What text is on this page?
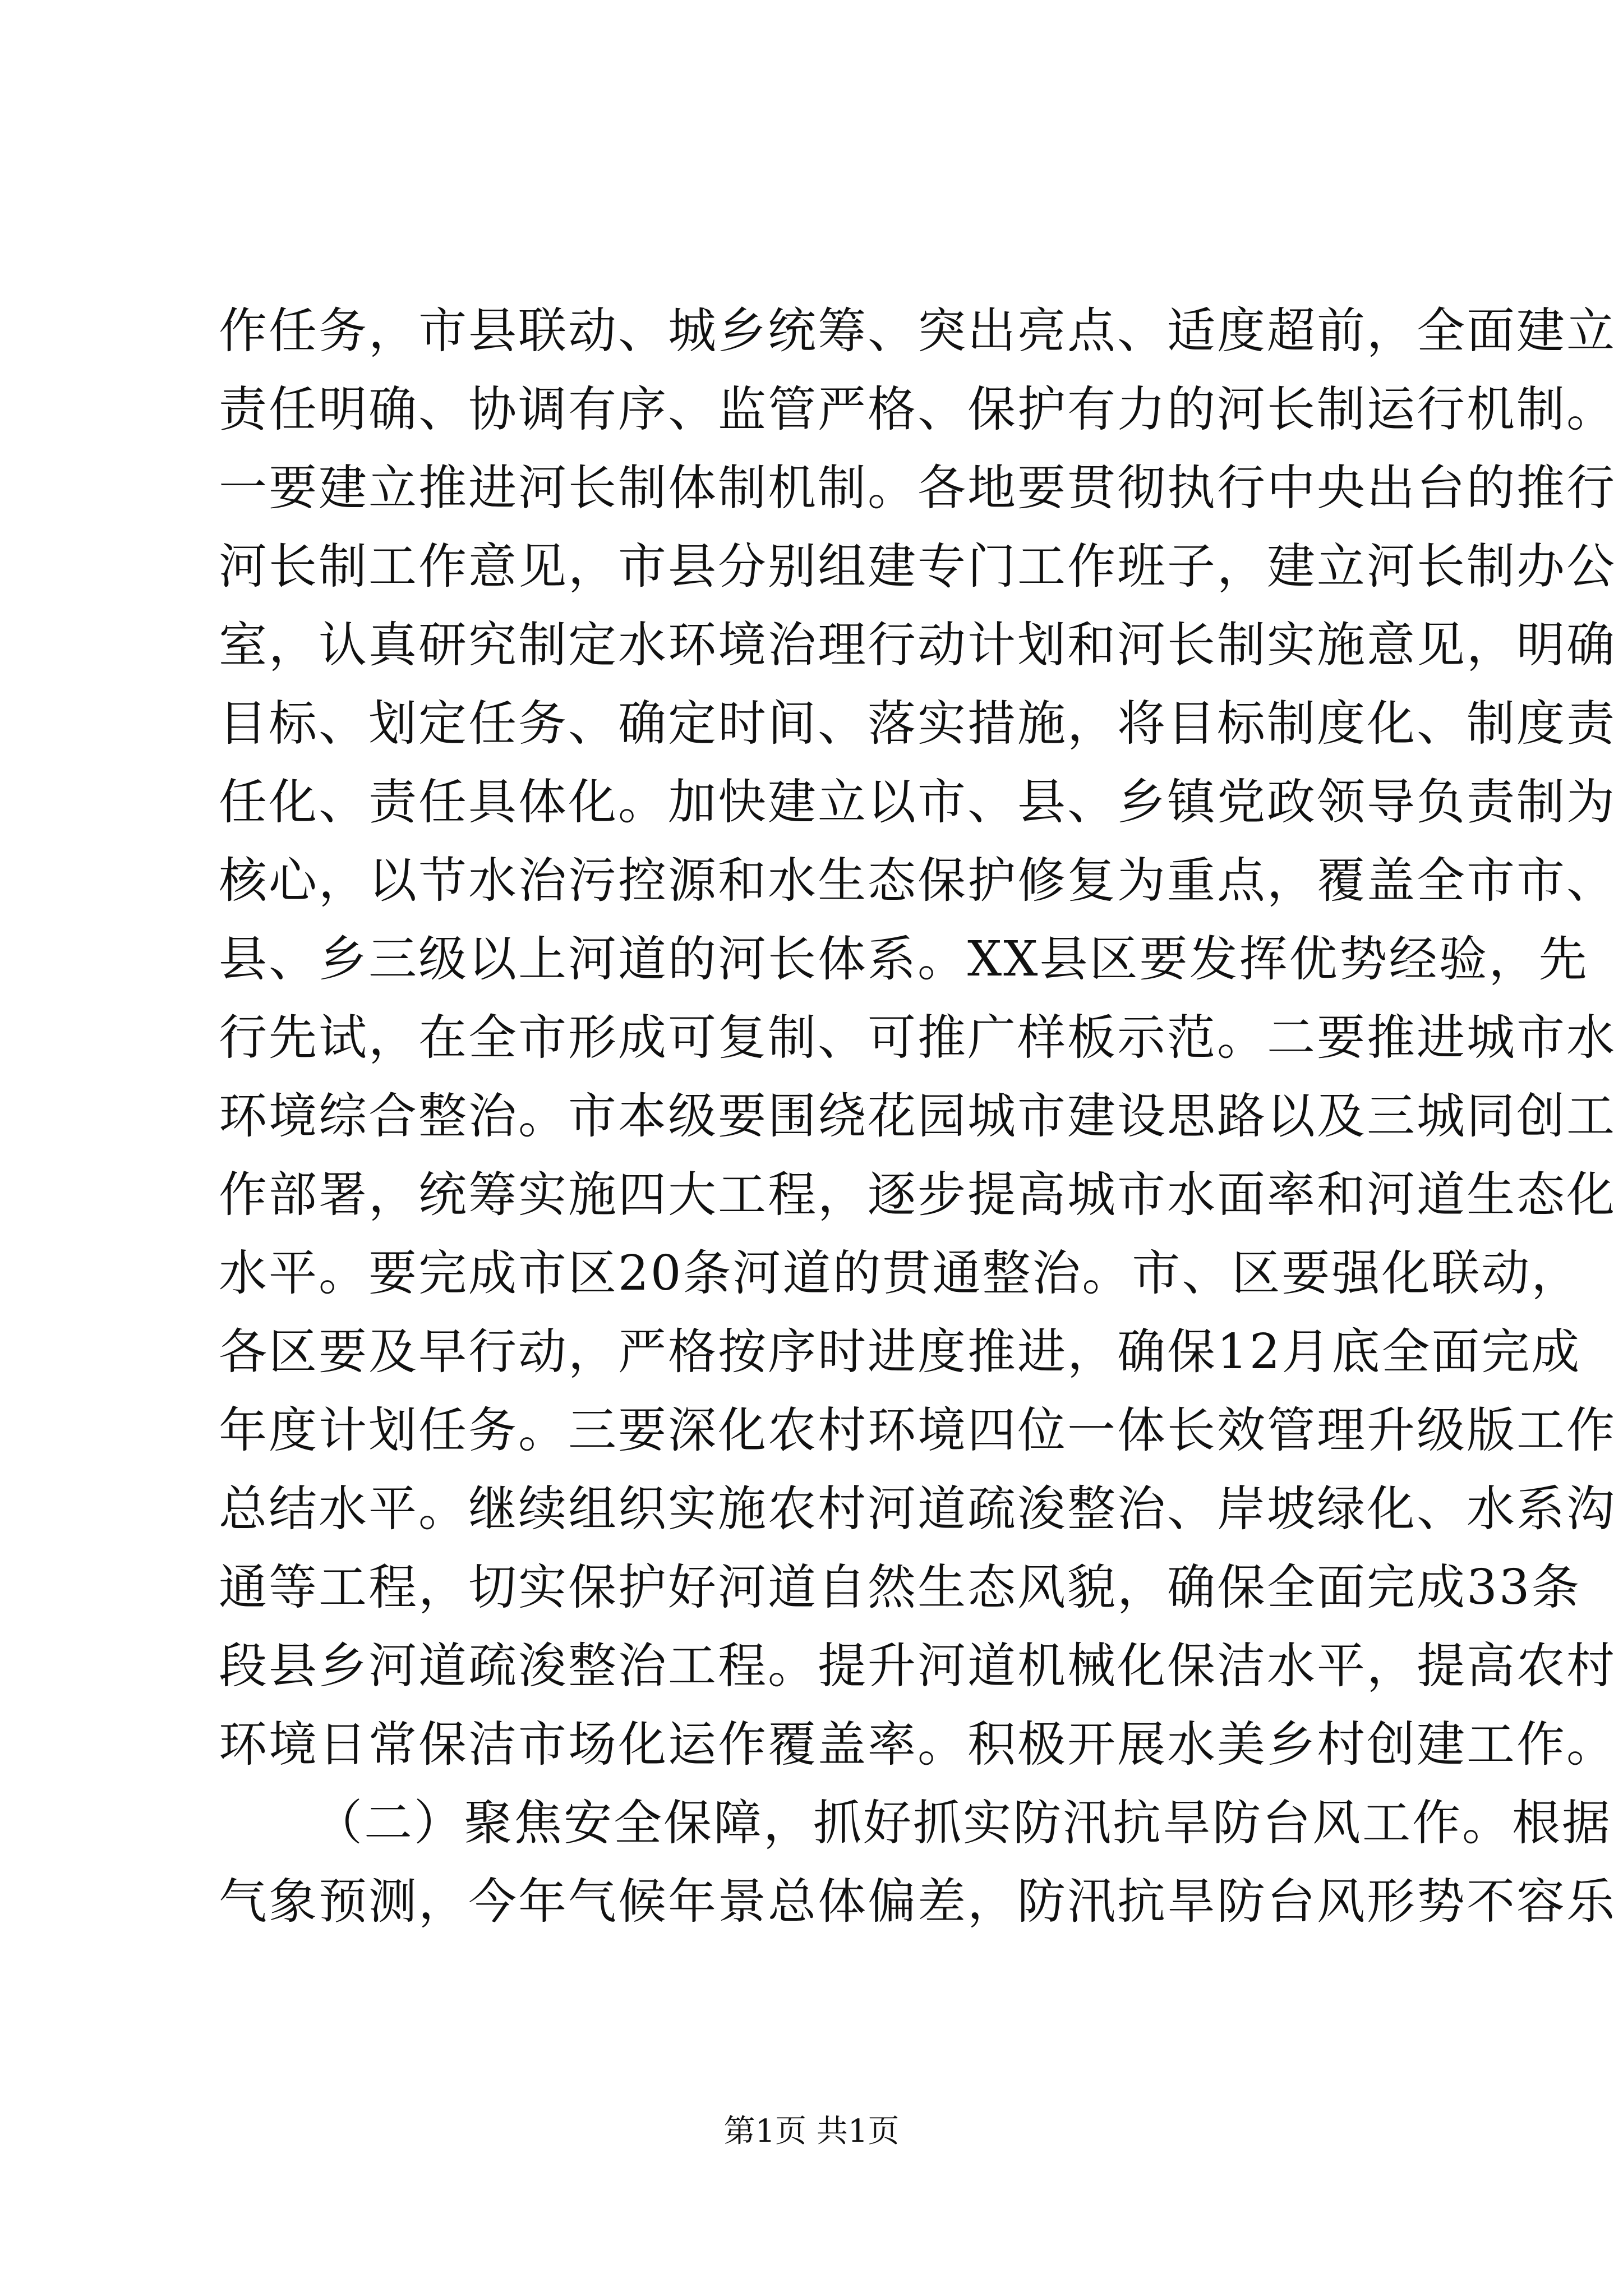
作任务，市县联动、城乡统筹、突出亮点、适度超前，全面建立
责任明确、协调有序、监管严格、保护有力的河长制运行机制。
一要建立推进河长制体制机制。各地要贯彻执行中央出台的推行
河长制工作意见，市县分别组建专门工作班子，建立河长制办公
室，认真研究制定水环境治理行动计划和河长制实施意见，明确
目标、划定任务、确定时间、落实措施，将目标制度化、制度责
任化、责任具体化。加快建立以市、县、乡镇党政领导负责制为
核心，以节水治污控源和水生态保护修复为重点，覆盖全市市、
县、乡三级以上河道的河长体系。XX县区要发挥优势经验，先
行先试，在全市形成可复制、可推广样板示范。二要推进城市水
环境综合整治。市本级要围绕花园城市建设思路以及三城同创工
作部署，统筹实施四大工程，逐步提高城市水面率和河道生态化
水平。要完成市区20条河道的贯通整治。市、区要强化联动，
各区要及早行动，严格按序时进度推进，确保12月底全面完成
年度计划任务。三要深化农村环境四位一体长效管理升级版工作
总结水平。继续组织实施农村河道疏浚整治、岸坡绿化、水系沟
通等工程，切实保护好河道自然生态风貌，确保全面完成33条
段县乡河道疏浚整治工程。提升河道机械化保洁水平，提高农村
环境日常保洁市场化运作覆盖率。积极开展水美乡村创建工作。
（二）聚焦安全保障，抓好抓实防汛抗旱防台风工作。根据
气象预测，今年气候年景总体偏差，防汛抗旱防台风形势不容乐
第1页 共1页
